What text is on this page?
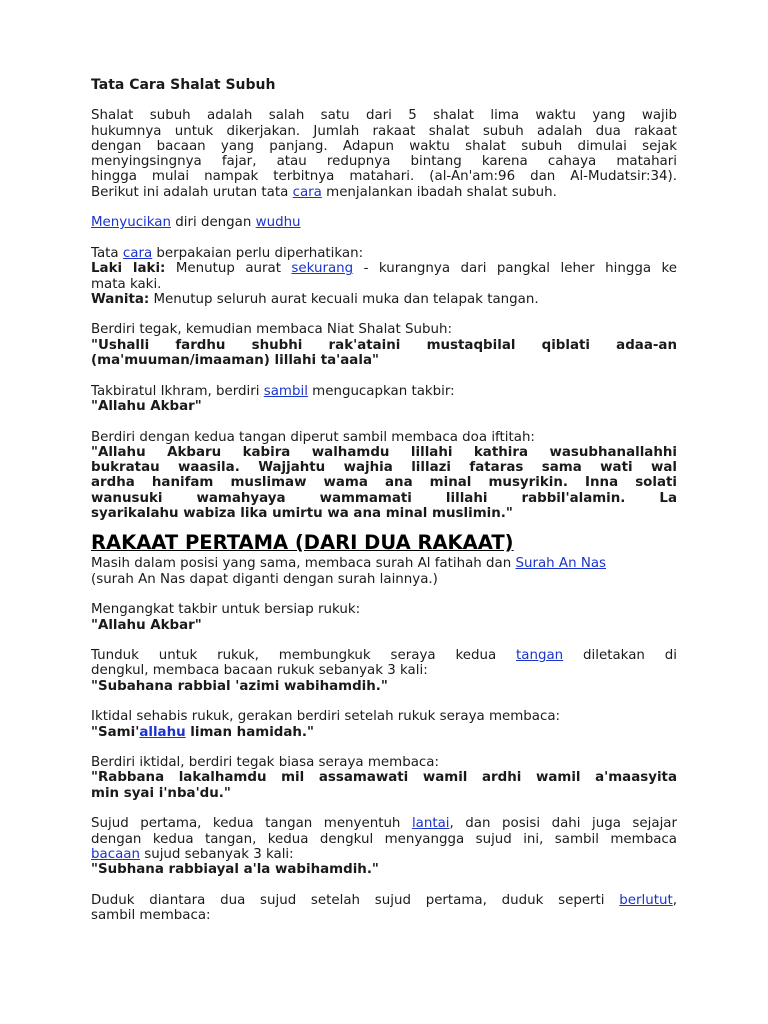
Tata Cara Shalat Subuh

Shalat subuh adalah salah satu dari 5 shalat lima waktu yang wajib
hukumnya untuk dikerjakan. Jumlah rakaat shalat subuh adalah dua rakaat
dengan bacaan yang panjang. Adapun waktu shalat subuh dimulai sejak
menyingsingnya fajar, atau redupnya bintang karena cahaya matahari
hingga mulai nampak terbitnya matahari. (al-An'am:96 dan Al-Mudatsir:34).
Berikut ini adalah urutan tata cara menjalankan ibadah shalat subuh.

Menyucikan diri dengan wudhu

Tata cara berpakaian perlu diperhatikan:
Laki laki: Menutup aurat sekurang - kurangnya dari pangkal leher hingga ke
mata kaki.
Wanita: Menutup seluruh aurat kecuali muka dan telapak tangan.

Berdiri tegak, kemudian membaca Niat Shalat Subuh:
"Ushalli fardhu shubhi rak'ataini mustaqbilal qiblati adaa-an
(ma'muuman/imaaman) lillahi ta'aala"

Takbiratul Ikhram, berdiri sambil mengucapkan takbir:
"Allahu Akbar"

Berdiri dengan kedua tangan diperut sambil membaca doa iftitah:
"Allahu Akbaru kabira walhamdu lillahi kathira wasubhanallahhi
bukratau waasila. Wajjahtu wajhia lillazi fataras sama wati wal
ardha hanifam muslimaw wama ana minal musyrikin. Inna solati
wanusuki wamahyaya wammamati lillahi rabbil'alamin. La
syarikalahu wabiza lika umirtu wa ana minal muslimin."

RAKAAT PERTAMA (DARI DUA RAKAAT)

Masih dalam posisi yang sama, membaca surah Al fatihah dan Surah An Nas
(surah An Nas dapat diganti dengan surah lainnya.)

Mengangkat takbir untuk bersiap rukuk:
"Allahu Akbar"

Tunduk untuk rukuk, membungkuk seraya kedua tangan diletakan di
dengkul, membaca bacaan rukuk sebanyak 3 kali:
"Subahana rabbial 'azimi wabihamdih."

Iktidal sehabis rukuk, gerakan berdiri setelah rukuk seraya membaca:
"Sami'allahu liman hamidah."

Berdiri iktidal, berdiri tegak biasa seraya membaca:
"Rabbana lakalhamdu mil assamawati wamil ardhi wamil a'maasyita
min syai i'nba'du."

Sujud pertama, kedua tangan menyentuh lantai, dan posisi dahi juga sejajar
dengan kedua tangan, kedua dengkul menyangga sujud ini, sambil membaca
bacaan sujud sebanyak 3 kali:
"Subhana rabbiayal a'la wabihamdih."

Duduk diantara dua sujud setelah sujud pertama, duduk seperti berlutut,
sambil membaca:
